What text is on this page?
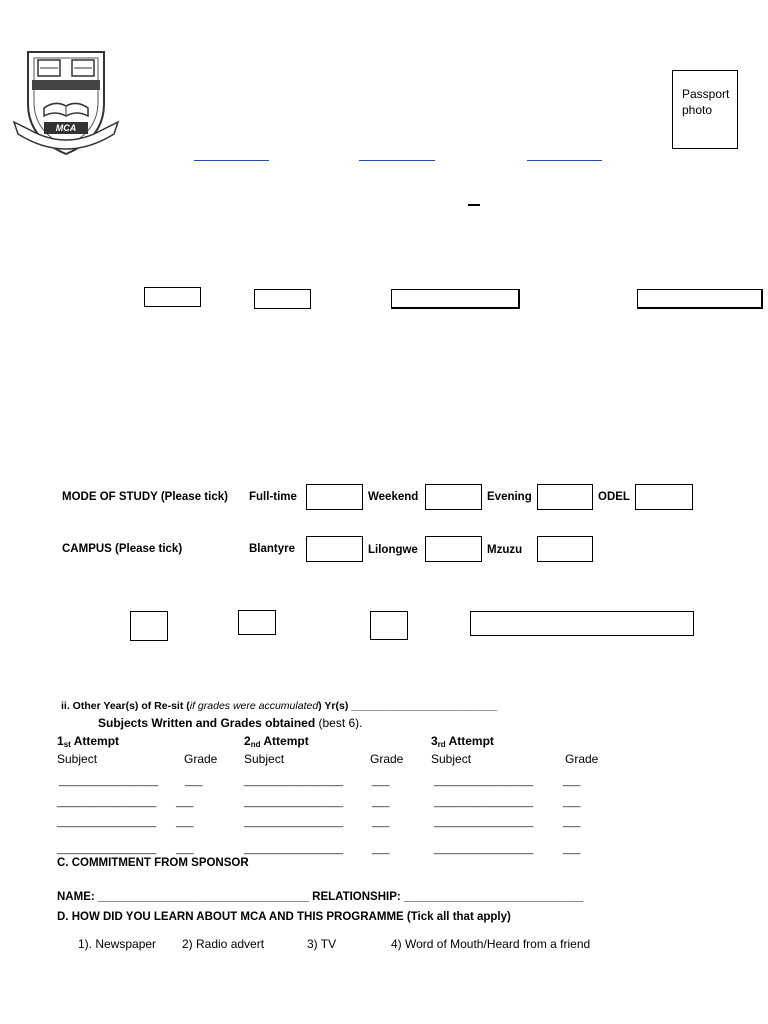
MCA
Passport
photo
MODE OF STUDY (Please tick) Full-time	Weekend	Evening	ODEL
CAMPUS (Please tick)	Blantyre	Lilongwe	Mzuzu
ii. Other Year(s) of Re-sit (if grades were accumulated) Yr(s) _________________________
Subjects Written and Grades obtained (best 6).
1st Attempt	2nd Attempt	3rd Attempt
Subject	Grade Subject	Grade Subject	Grade
_________________	___	_________________	___	_________________	___
_________________ ___	_________________	___	_________________	___
_________________ ___	_________________	___	_________________	___
_________________ ___	_________________	___	_________________	___
C. COMMITMENT FROM SPONSOR
NAME: _________________________________ RELATIONSHIP: ____________________________
D. HOW DID YOU LEARN ABOUT MCA AND THIS PROGRAMME (Tick all that apply)
1). Newspaper 2) Radio advert	3) TV	4) Word of Mouth/Heard from a friend
